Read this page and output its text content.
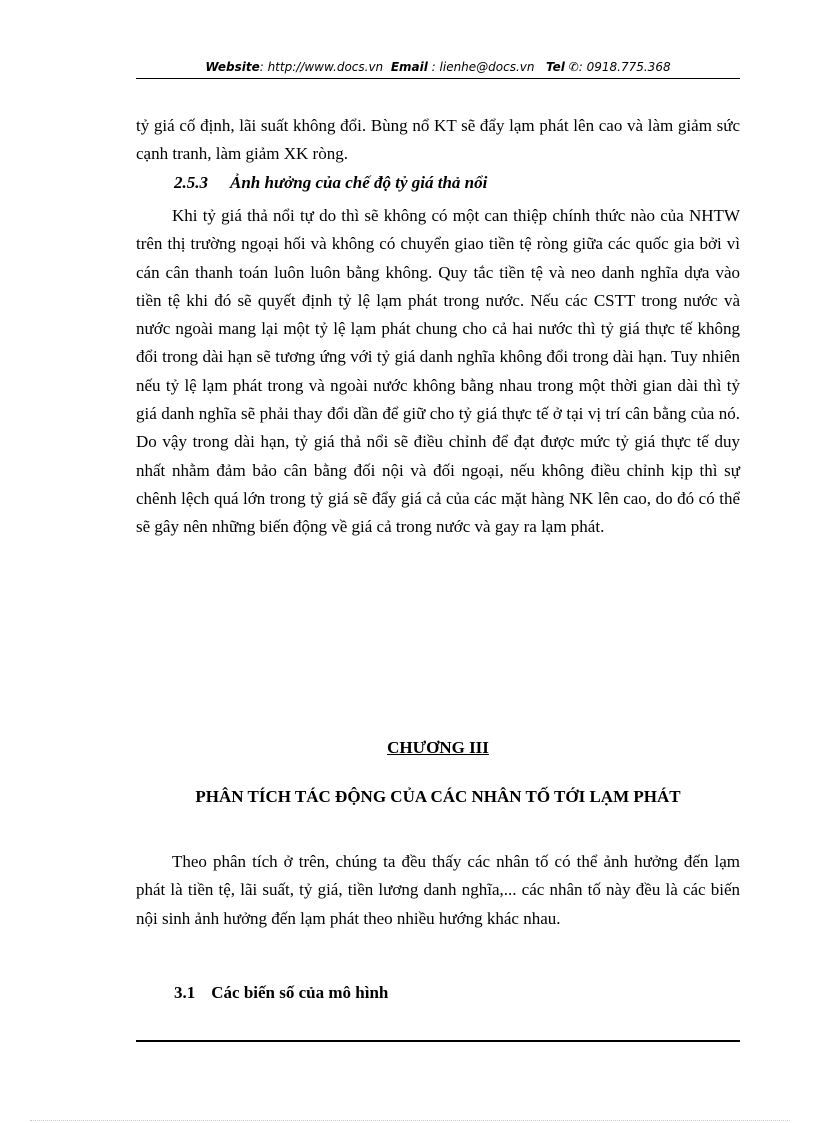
Website: http://www.docs.vn Email : lienhe@docs.vn Tel ✆: 0918.775.368
tỷ giá cố định, lãi suất không đổi. Bùng nổ KT sẽ đẩy lạm phát lên cao và làm giảm sức cạnh tranh, làm giảm XK ròng.
2.5.3 Ảnh hưởng của chế độ tỷ giá thả nổi
Khi tỷ giá thả nổi tự do thì sẽ không có một can thiệp chính thức nào của NHTW trên thị trường ngoại hối và không có chuyển giao tiền tệ ròng giữa các quốc gia bởi vì cán cân thanh toán luôn luôn bằng không. Quy tắc tiền tệ và neo danh nghĩa dựa vào tiền tệ khi đó sẽ quyết định tỷ lệ lạm phát trong nước. Nếu các CSTT trong nước và nước ngoài mang lại một tỷ lệ lạm phát chung cho cả hai nước thì tỷ giá thực tế không đổi trong dài hạn sẽ tương ứng với tỷ giá danh nghĩa không đổi trong dài hạn. Tuy nhiên nếu tỷ lệ lạm phát trong và ngoài nước không bằng nhau trong một thời gian dài thì tỷ giá danh nghĩa sẽ phải thay đổi dần để giữ cho tỷ giá thực tế ở tại vị trí cân bằng của nó. Do vậy trong dài hạn, tỷ giá thả nổi sẽ điều chỉnh để đạt được mức tỷ giá thực tế duy nhất nhằm đảm bảo cân bằng đối nội và đối ngoại, nếu không điều chỉnh kịp thì sự chênh lệch quá lớn trong tỷ giá sẽ đẩy giá cả của các mặt hàng NK lên cao, do đó có thể sẽ gây nên những biến động về giá cả trong nước và gay ra lạm phát.
CHƯƠNG III
PHÂN TÍCH TÁC ĐỘNG CỦA CÁC NHÂN TỐ TỚI LẠM PHÁT
Theo phân tích ở trên, chúng ta đều thấy các nhân tố có thể ảnh hưởng đến lạm phát là tiền tệ, lãi suất, tỷ giá, tiền lương danh nghĩa,... các nhân tố này đều là các biến nội sinh ảnh hưởng đến lạm phát theo nhiều hướng khác nhau.
3.1 Các biến số của mô hình
